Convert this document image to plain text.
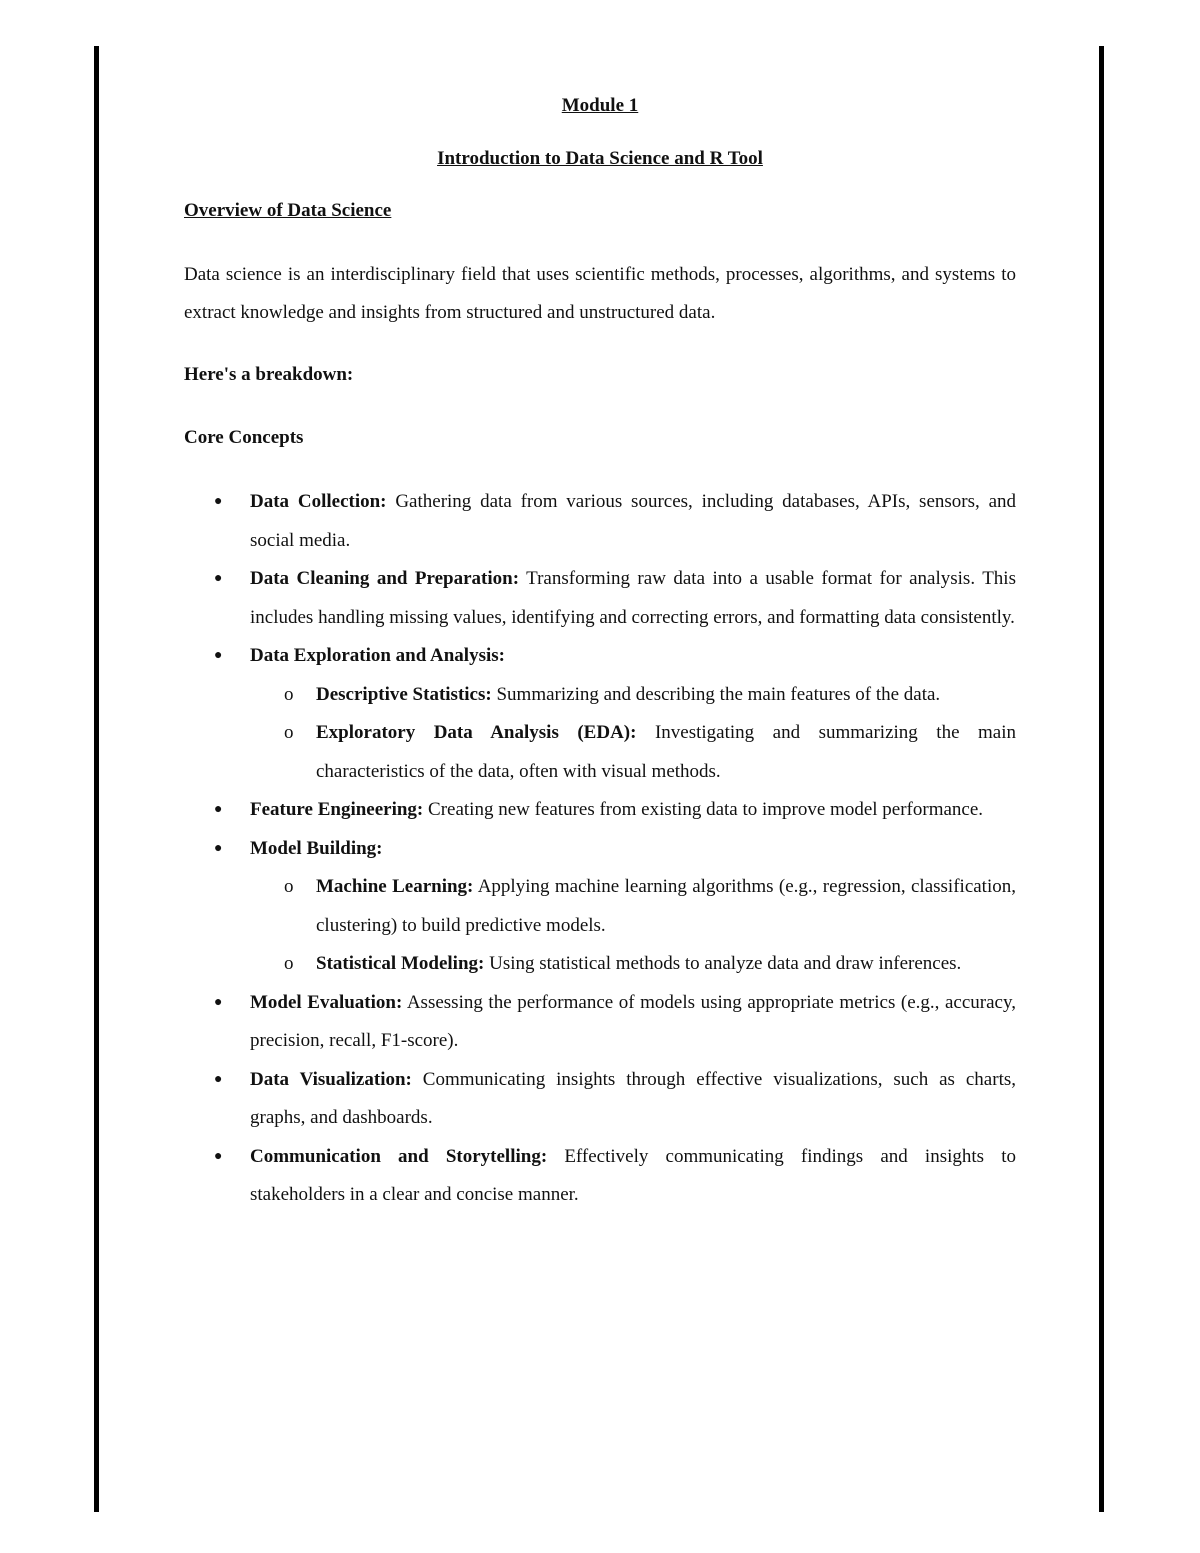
Module 1

Introduction to Data Science and R Tool

Overview of Data Science

Data science is an interdisciplinary field that uses scientific methods, processes, algorithms, and systems to extract knowledge and insights from structured and unstructured data.

Here's a breakdown:

Core Concepts

● Data Collection: Gathering data from various sources, including databases, APIs, sensors, and social media.
● Data Cleaning and Preparation: Transforming raw data into a usable format for analysis. This includes handling missing values, identifying and correcting errors, and formatting data consistently.
● Data Exploration and Analysis:
o Descriptive Statistics: Summarizing and describing the main features of the data.
o Exploratory Data Analysis (EDA): Investigating and summarizing the main characteristics of the data, often with visual methods.
● Feature Engineering: Creating new features from existing data to improve model performance.
● Model Building:
o Machine Learning: Applying machine learning algorithms (e.g., regression, classification, clustering) to build predictive models.
o Statistical Modeling: Using statistical methods to analyze data and draw inferences.
● Model Evaluation: Assessing the performance of models using appropriate metrics (e.g., accuracy, precision, recall, F1-score).
● Data Visualization: Communicating insights through effective visualizations, such as charts, graphs, and dashboards.
● Communication and Storytelling: Effectively communicating findings and insights to stakeholders in a clear and concise manner.
